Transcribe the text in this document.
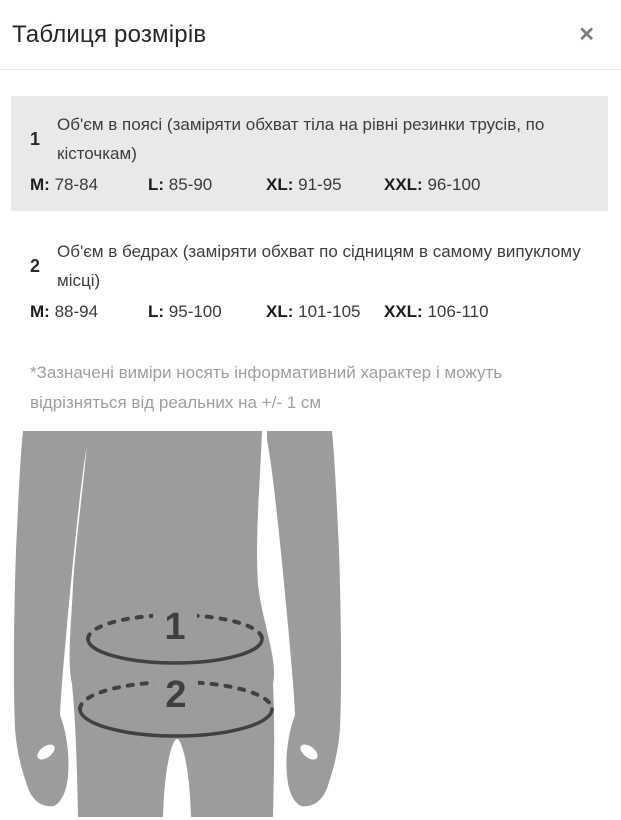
Таблиця розмірів	✕
1
Об'єм в поясі (заміряти обхват тіла на рівні резинки трусів, по кісточкам)
M: 78-84	L: 85-90	XL: 91-95	XXL: 96-100
2
Об'єм в бедрах (заміряти обхват по сідницям в самому випуклому місці)
M: 88-94	L: 95-100	XL: 101-105	XXL: 106-110
*Зазначені виміри носять інформативний характер і можуть відрізняться від реальних на +/- 1 см
1
2
